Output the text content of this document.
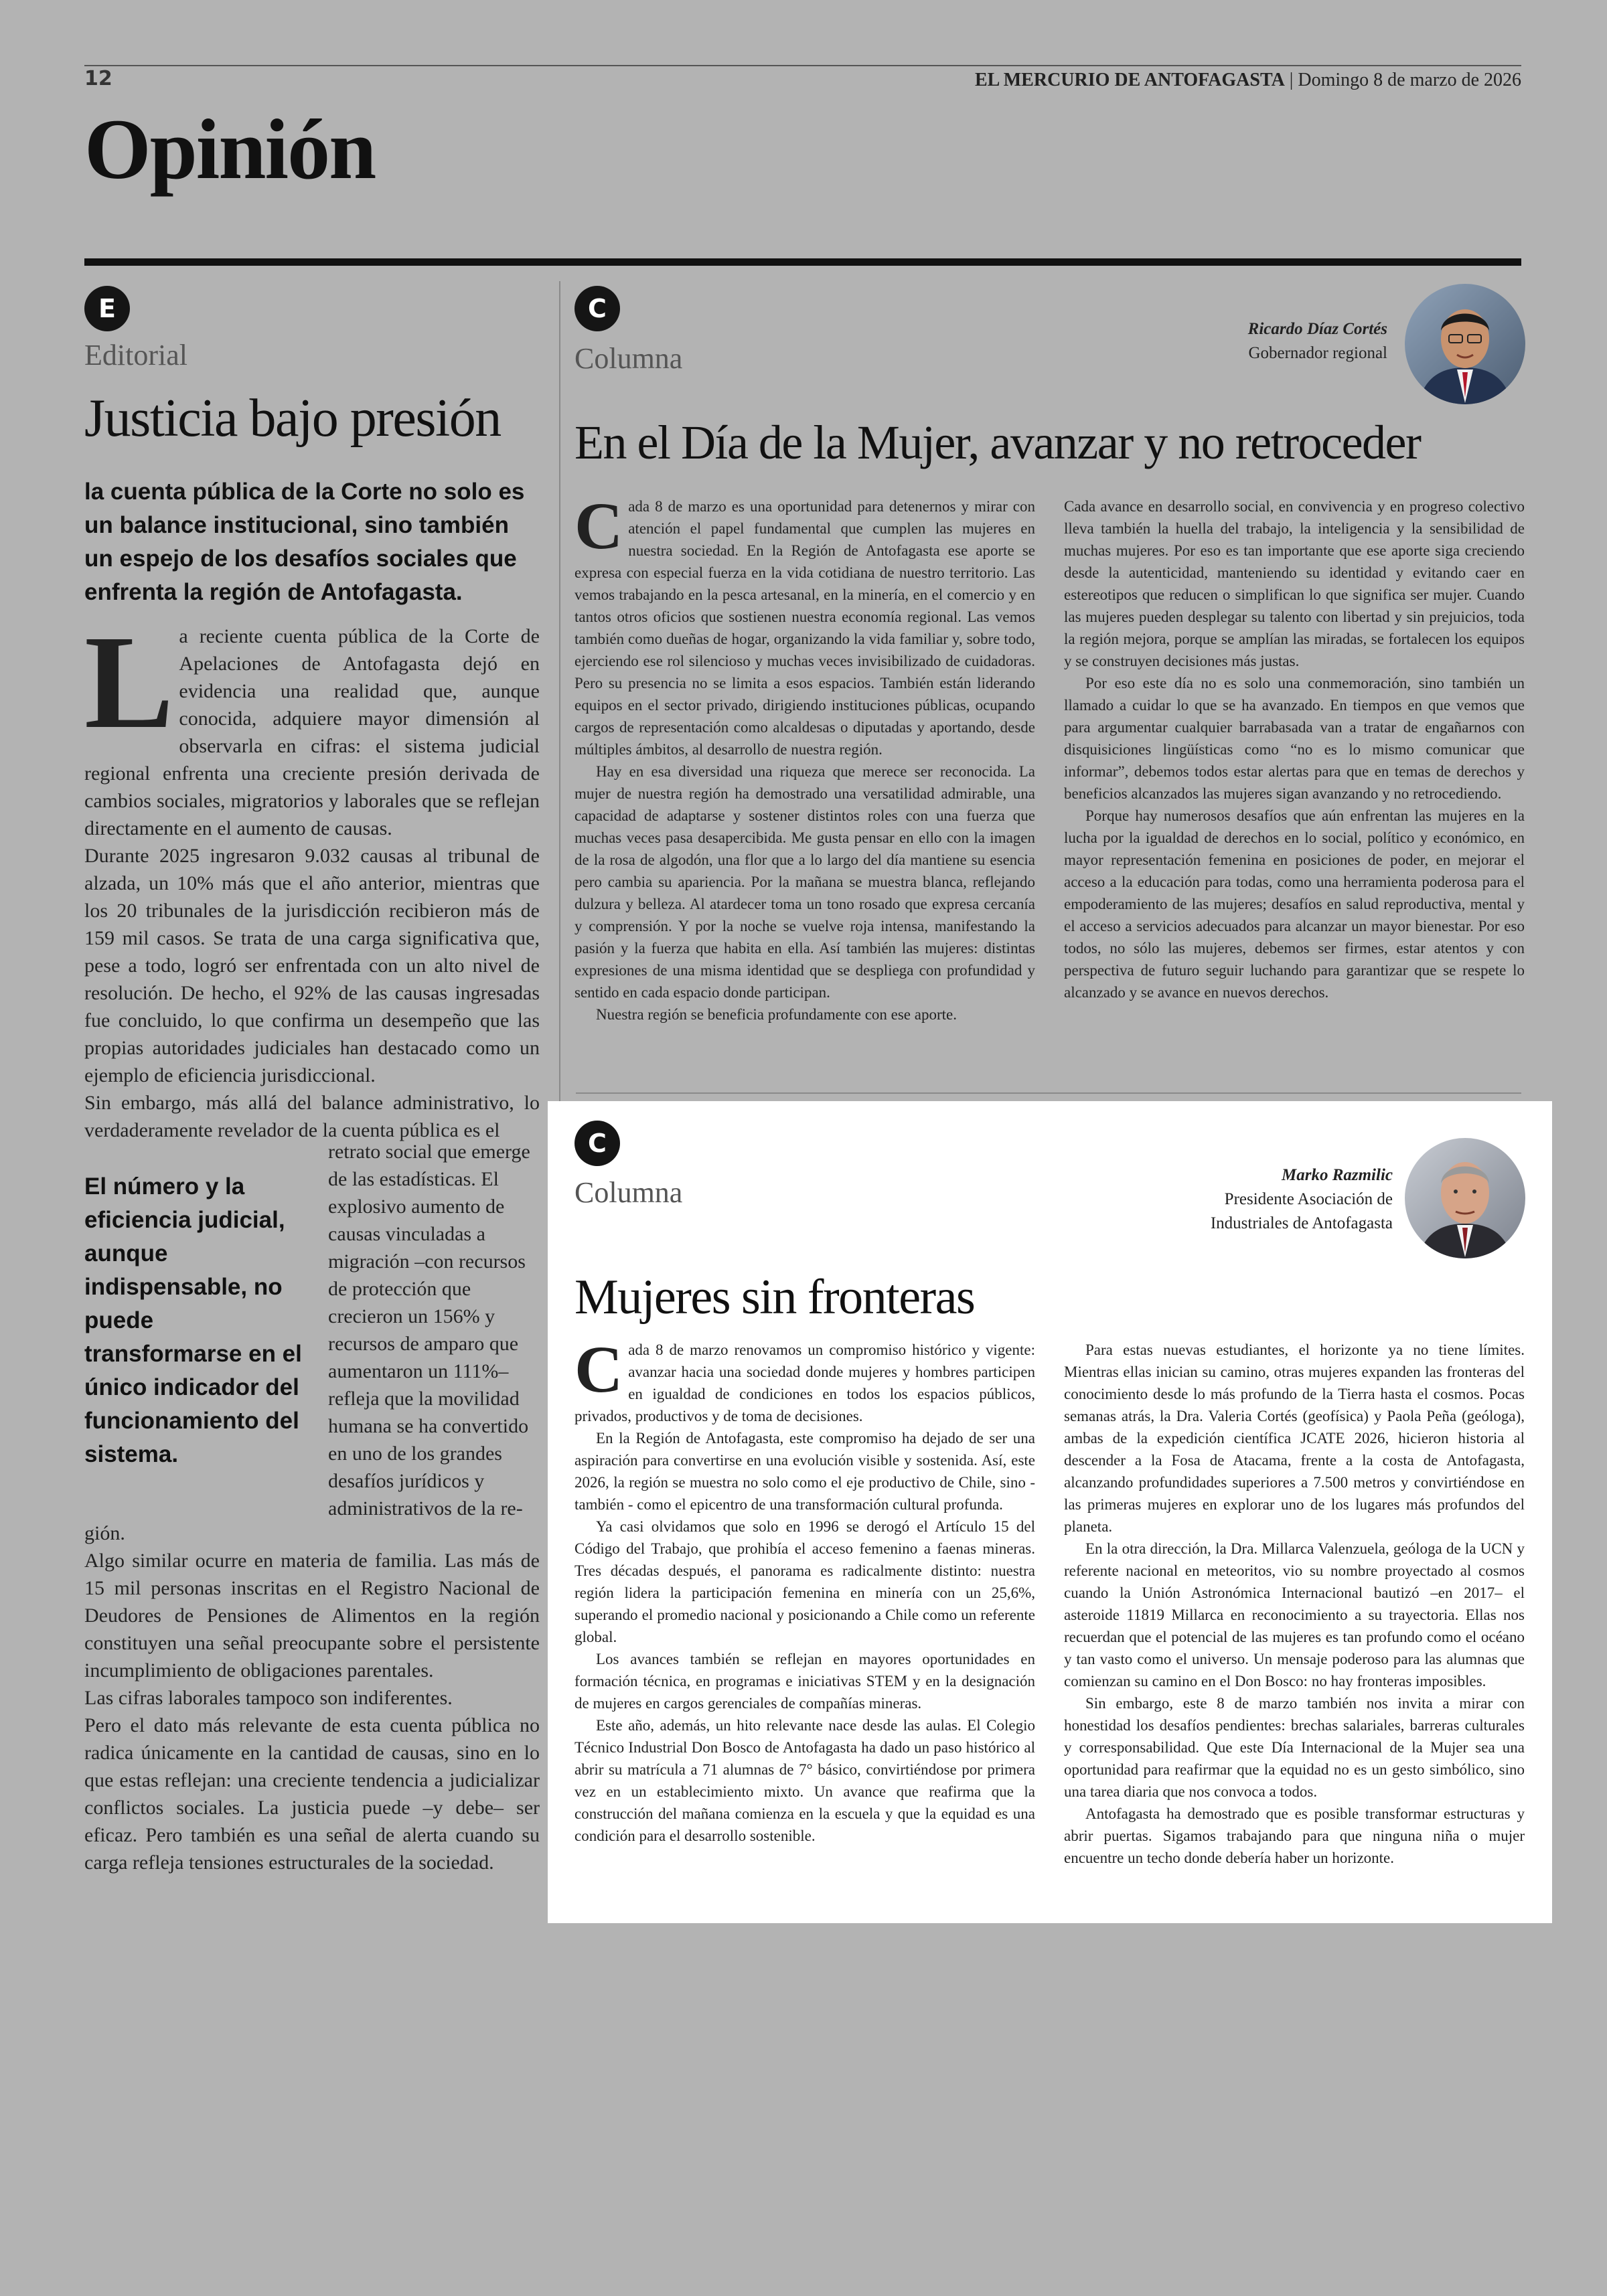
12	EL MERCURIO DE ANTOFAGASTA | Domingo 8 de marzo de 2026
Opinión
E
Editorial
Justicia bajo presión
la cuenta pública de la Corte no solo es un balance institucional, sino también un espejo de los desafíos sociales que enfrenta la región de Antofagasta.

La reciente cuenta pública de la Corte de Apelaciones de Antofagasta dejó en evidencia una realidad que, aunque conocida, adquiere mayor dimensión al observarla en cifras: el sistema judicial regional enfrenta una creciente presión derivada de cambios sociales, migratorios y laborales que se reflejan directamente en el aumento de causas.

Durante 2025 ingresaron 9.032 causas al tribunal de alzada, un 10% más que el año anterior, mientras que los 20 tribunales de la jurisdicción recibieron más de 159 mil casos. Se trata de una carga significativa que, pese a todo, logró ser enfrentada con un alto nivel de resolución. De hecho, el 92% de las causas ingresadas fue concluido, lo que confirma un desempeño que las propias autoridades judiciales han destacado como un ejemplo de eficiencia jurisdiccional.

Sin embargo, más allá del balance administrativo, lo verdaderamente revelador de la cuenta pública es el

El número y la eficiencia judicial, aunque indispensable, no puede transformarse en el único indicador del funcionamiento del sistema.

retrato social que emerge de las estadísticas. El explosivo aumento de causas vinculadas a migración –con recursos de protección que crecieron un 156% y recursos de amparo que aumentaron un 111%– refleja que la movilidad humana se ha convertido en uno de los grandes desafíos jurídicos y administrativos de la re-

gión.

Algo similar ocurre en materia de familia. Las más de 15 mil personas inscritas en el Registro Nacional de Deudores de Pensiones de Alimentos en la región constituyen una señal preocupante sobre el persistente incumplimiento de obligaciones parentales.

Las cifras laborales tampoco son indiferentes.

Pero el dato más relevante de esta cuenta pública no radica únicamente en la cantidad de causas, sino en lo que estas reflejan: una creciente tendencia a judicializar conflictos sociales. La justicia puede –y debe– ser eficaz. Pero también es una señal de alerta cuando su carga refleja tensiones estructurales de la sociedad.

C
Columna
Ricardo Díaz Cortés
Gobernador regional
En el Día de la Mujer, avanzar y no retroceder

Cada 8 de marzo es una oportunidad para detenernos y mirar con atención el papel fundamental que cumplen las mujeres en nuestra sociedad. En la Región de Antofagasta ese aporte se expresa con especial fuerza en la vida cotidiana de nuestro territorio. Las vemos trabajando en la pesca artesanal, en la minería, en el comercio y en tantos otros oficios que sostienen nuestra economía regional. Las vemos también como dueñas de hogar, organizando la vida familiar y, sobre todo, ejerciendo ese rol silencioso y muchas veces invisibilizado de cuidadoras. Pero su presencia no se limita a esos espacios. También están liderando equipos en el sector privado, dirigiendo instituciones públicas, ocupando cargos de representación como alcaldesas o diputadas y aportando, desde múltiples ámbitos, al desarrollo de nuestra región.

Hay en esa diversidad una riqueza que merece ser reconocida. La mujer de nuestra región ha demostrado una versatilidad admirable, una capacidad de adaptarse y sostener distintos roles con una fuerza que muchas veces pasa desapercibida. Me gusta pensar en ello con la imagen de la rosa de algodón, una flor que a lo largo del día mantiene su esencia pero cambia su apariencia. Por la mañana se muestra blanca, reflejando dulzura y belleza. Al atardecer toma un tono rosado que expresa cercanía y comprensión. Y por la noche se vuelve roja intensa, manifestando la pasión y la fuerza que habita en ella. Así también las mujeres: distintas expresiones de una misma identidad que se despliega con profundidad y sentido en cada espacio donde participan.

Nuestra región se beneficia profundamente con ese aporte.

Cada avance en desarrollo social, en convivencia y en progreso colectivo lleva también la huella del trabajo, la inteligencia y la sensibilidad de muchas mujeres. Por eso es tan importante que ese aporte siga creciendo desde la autenticidad, manteniendo su identidad y evitando caer en estereotipos que reducen o simplifican lo que significa ser mujer. Cuando las mujeres pueden desplegar su talento con libertad y sin prejuicios, toda la región mejora, porque se amplían las miradas, se fortalecen los equipos y se construyen decisiones más justas.

Por eso este día no es solo una conmemoración, sino también un llamado a cuidar lo que se ha avanzado. En tiempos en que vemos que para argumentar cualquier barrabasada van a tratar de engañarnos con disquisiciones lingüísticas como “no es lo mismo comunicar que informar”, debemos todos estar alertas para que en temas de derechos y beneficios alcanzados las mujeres sigan avanzando y no retrocediendo.

Porque hay numerosos desafíos que aún enfrentan las mujeres en la lucha por la igualdad de derechos en lo social, político y económico, en mayor representación femenina en posiciones de poder, en mejorar el acceso a la educación para todas, como una herramienta poderosa para el empoderamiento de las mujeres; desafíos en salud reproductiva, mental y el acceso a servicios adecuados para alcanzar un mayor bienestar. Por eso todos, no sólo las mujeres, debemos ser firmes, estar atentos y con perspectiva de futuro seguir luchando para garantizar que se respete lo alcanzado y se avance en nuevos derechos.

C
Columna
Marko Razmilic
Presidente Asociación de
Industriales de Antofagasta
Mujeres sin fronteras

Cada 8 de marzo renovamos un compromiso histórico y vigente: avanzar hacia una sociedad donde mujeres y hombres participen en igualdad de condiciones en todos los espacios públicos, privados, productivos y de toma de decisiones.

En la Región de Antofagasta, este compromiso ha dejado de ser una aspiración para convertirse en una evolución visible y sostenida. Así, este 2026, la región se muestra no solo como el eje productivo de Chile, sino - también - como el epicentro de una transformación cultural profunda.

Ya casi olvidamos que solo en 1996 se derogó el Artículo 15 del Código del Trabajo, que prohibía el acceso femenino a faenas mineras. Tres décadas después, el panorama es radicalmente distinto: nuestra región lidera la participación femenina en minería con un 25,6%, superando el promedio nacional y posicionando a Chile como un referente global.

Los avances también se reflejan en mayores oportunidades en formación técnica, en programas e iniciativas STEM y en la designación de mujeres en cargos gerenciales de compañías mineras.

Este año, además, un hito relevante nace desde las aulas. El Colegio Técnico Industrial Don Bosco de Antofagasta ha dado un paso histórico al abrir su matrícula a 71 alumnas de 7° básico, convirtiéndose por primera vez en un establecimiento mixto. Un avance que reafirma que la construcción del mañana comienza en la escuela y que la equidad es una condición para el desarrollo sostenible.

Para estas nuevas estudiantes, el horizonte ya no tiene límites. Mientras ellas inician su camino, otras mujeres expanden las fronteras del conocimiento desde lo más profundo de la Tierra hasta el cosmos. Pocas semanas atrás, la Dra. Valeria Cortés (geofísica) y Paola Peña (geóloga), ambas de la expedición científica JCATE 2026, hicieron historia al descender a la Fosa de Atacama, frente a la costa de Antofagasta, alcanzando profundidades superiores a 7.500 metros y convirtiéndose en las primeras mujeres en explorar uno de los lugares más profundos del planeta.

En la otra dirección, la Dra. Millarca Valenzuela, geóloga de la UCN y referente nacional en meteoritos, vio su nombre proyectado al cosmos cuando la Unión Astronómica Internacional bautizó –en 2017– el asteroide 11819 Millarca en reconocimiento a su trayectoria. Ellas nos recuerdan que el potencial de las mujeres es tan profundo como el océano y tan vasto como el universo. Un mensaje poderoso para las alumnas que comienzan su camino en el Don Bosco: no hay fronteras imposibles.

Sin embargo, este 8 de marzo también nos invita a mirar con honestidad los desafíos pendientes: brechas salariales, barreras culturales y corresponsabilidad. Que este Día Internacional de la Mujer sea una oportunidad para reafirmar que la equidad no es un gesto simbólico, sino una tarea diaria que nos convoca a todos.

Antofagasta ha demostrado que es posible transformar estructuras y abrir puertas. Sigamos trabajando para que ninguna niña o mujer encuentre un techo donde debería haber un horizonte.
